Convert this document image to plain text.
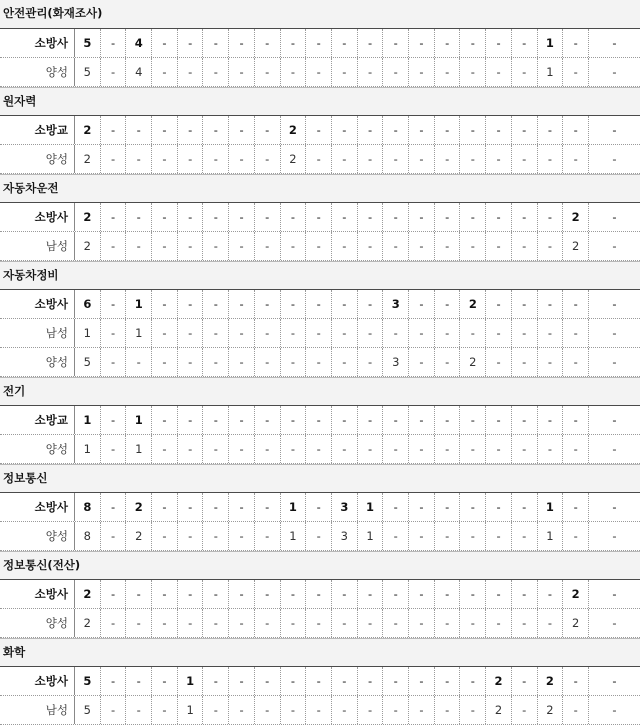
안전관리(화재조사)
소방사	5	-	4	-	-	-	-	-	-	-	-	-	-	-	-	-	-	-	1	-	-
양성	5	-	4	-	-	-	-	-	-	-	-	-	-	-	-	-	-	-	1	-	-
원자력
소방교	2	-	-	-	-	-	-	-	2	-	-	-	-	-	-	-	-	-	-	-	-
양성	2	-	-	-	-	-	-	-	2	-	-	-	-	-	-	-	-	-	-	-	-
자동차운전
소방사	2	-	-	-	-	-	-	-	-	-	-	-	-	-	-	-	-	-	-	2	-
남성	2	-	-	-	-	-	-	-	-	-	-	-	-	-	-	-	-	-	-	2	-
자동차정비
소방사	6	-	1	-	-	-	-	-	-	-	-	-	3	-	-	2	-	-	-	-	-
남성	1	-	1	-	-	-	-	-	-	-	-	-	-	-	-	-	-	-	-	-	-
양성	5	-	-	-	-	-	-	-	-	-	-	-	3	-	-	2	-	-	-	-	-
전기
소방교	1	-	1	-	-	-	-	-	-	-	-	-	-	-	-	-	-	-	-	-	-
양성	1	-	1	-	-	-	-	-	-	-	-	-	-	-	-	-	-	-	-	-	-
정보통신
소방사	8	-	2	-	-	-	-	-	1	-	3	1	-	-	-	-	-	-	1	-	-
양성	8	-	2	-	-	-	-	-	1	-	3	1	-	-	-	-	-	-	1	-	-
정보통신(전산)
소방사	2	-	-	-	-	-	-	-	-	-	-	-	-	-	-	-	-	-	-	2	-
양성	2	-	-	-	-	-	-	-	-	-	-	-	-	-	-	-	-	-	-	2	-
화학
소방사	5	-	-	-	1	-	-	-	-	-	-	-	-	-	-	-	2	-	2	-	-
남성	5	-	-	-	1	-	-	-	-	-	-	-	-	-	-	-	2	-	2	-	-
